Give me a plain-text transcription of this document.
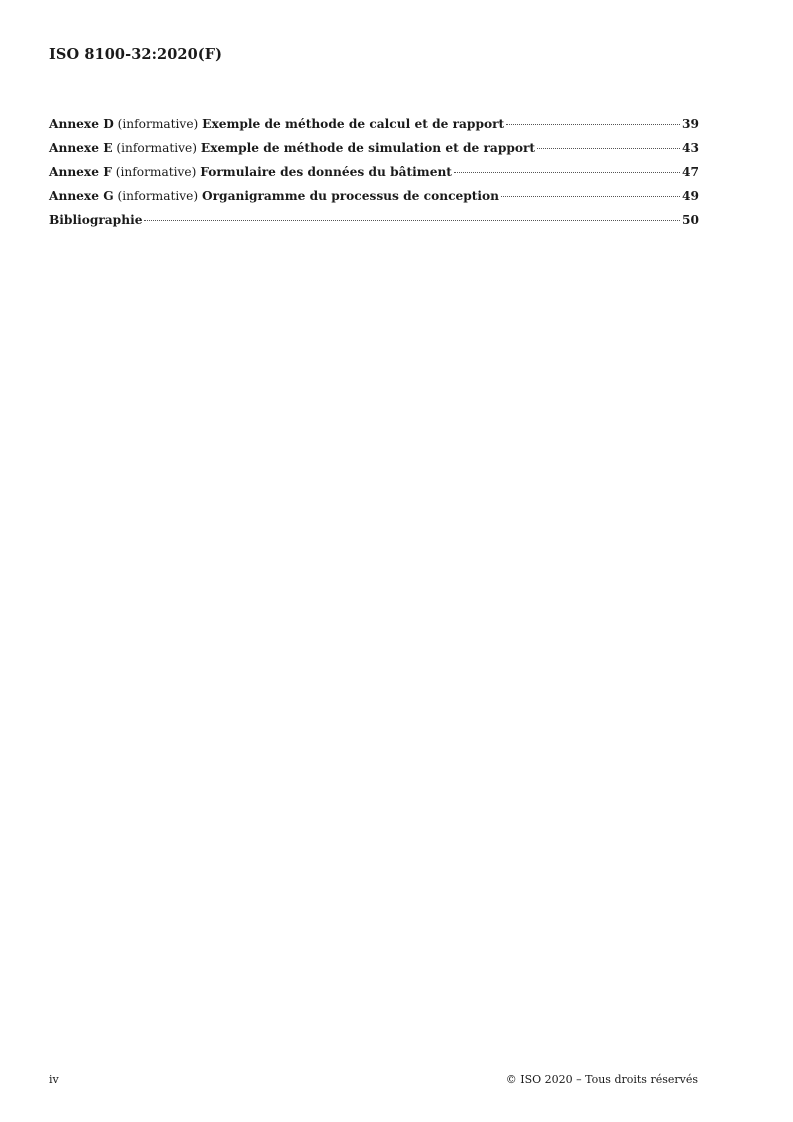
ISO 8100-32:2020(F)
Annexe D (informative) Exemple de méthode de calcul et de rapport	39
Annexe E (informative) Exemple de méthode de simulation et de rapport	43
Annexe F (informative) Formulaire des données du bâtiment	47
Annexe G (informative) Organigramme du processus de conception	49
Bibliographie	50
iv	© ISO 2020 – Tous droits réservés
